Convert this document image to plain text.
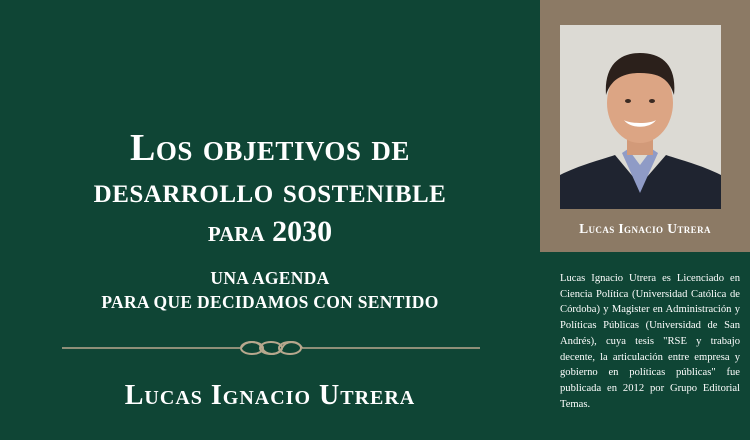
Los objetivos de
desarrollo sostenible
para 2030
UNA AGENDA
PARA QUE DECIDAMOS CON SENTIDO
Lucas Ignacio Utrera

Lucas Ignacio Utrera

Lucas Ignacio Utrera es Licenciado en Ciencia Política (Universidad Católica de Córdoba) y Magister en Administración y Políticas Públicas (Universidad de San Andrés), cuya tesis "RSE y trabajo decente, la articulación entre empresa y gobierno en políticas públicas" fue publicada en 2012 por Grupo Editorial Temas.
